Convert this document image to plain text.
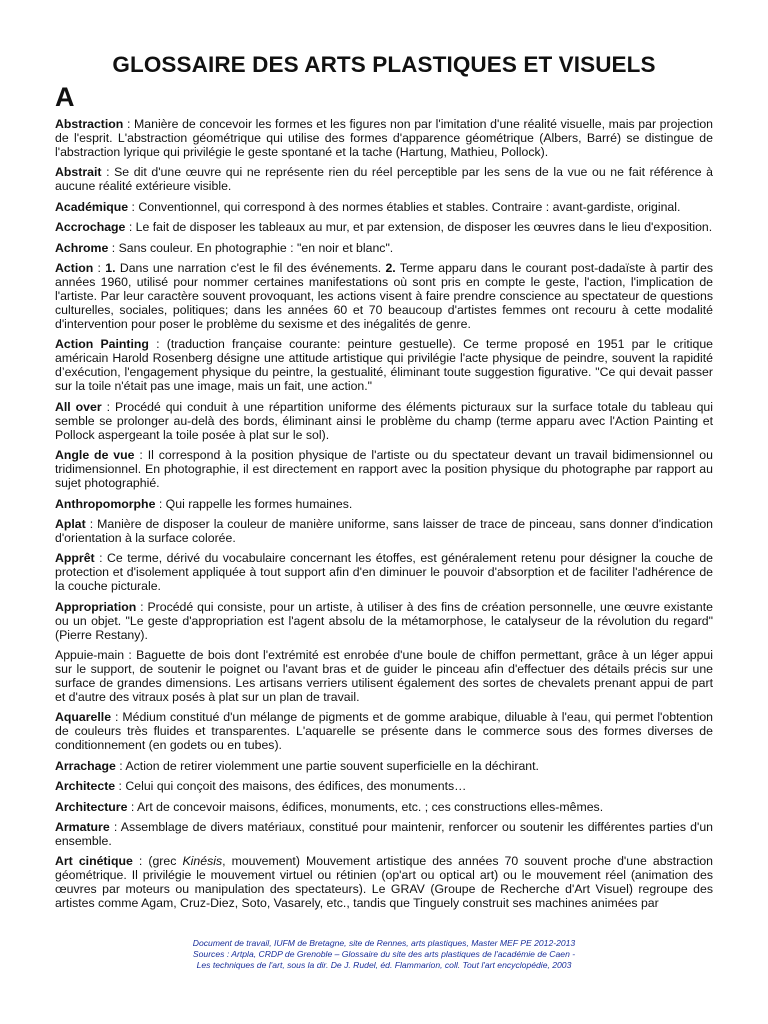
GLOSSAIRE DES ARTS PLASTIQUES ET VISUELS
A

Abstraction : Manière de concevoir les formes et les figures non par l'imitation d'une réalité visuelle, mais par projection de l'esprit. L'abstraction géométrique qui utilise des formes d'apparence géométrique (Albers, Barré) se distingue de l'abstraction lyrique qui privilégie le geste spontané et la tache (Hartung, Mathieu, Pollock).

Abstrait : Se dit d'une œuvre qui ne représente rien du réel perceptible par les sens de la vue ou ne fait référence à aucune réalité extérieure visible.

Académique : Conventionnel, qui correspond à des normes établies et stables. Contraire : avant-gardiste, original.

Accrochage : Le fait de disposer les tableaux au mur, et par extension, de disposer les œuvres dans le lieu d'exposition.

Achrome : Sans couleur. En photographie : "en noir et blanc".

Action : 1. Dans une narration c'est le fil des événements. 2. Terme apparu dans le courant post-dadaïste à partir des années 1960, utilisé pour nommer certaines manifestations où sont pris en compte le geste, l'action, l'implication de l'artiste. Par leur caractère souvent provoquant, les actions visent à faire prendre conscience au spectateur de questions culturelles, sociales, politiques; dans les années 60 et 70 beaucoup d'artistes femmes ont recouru à cette modalité d'intervention pour poser le problème du sexisme et des inégalités de genre.

Action Painting : (traduction française courante: peinture gestuelle). Ce terme proposé en 1951 par le critique américain Harold Rosenberg désigne une attitude artistique qui privilégie l'acte physique de peindre, souvent la rapidité d’exécution, l'engagement physique du peintre, la gestualité, éliminant toute suggestion figurative. "Ce qui devait passer sur la toile n'était pas une image, mais un fait, une action."

All over : Procédé qui conduit à une répartition uniforme des éléments picturaux sur la surface totale du tableau qui semble se prolonger au-delà des bords, éliminant ainsi le problème du champ (terme apparu avec l'Action Painting et Pollock aspergeant la toile posée à plat sur le sol).

Angle de vue : Il correspond à la position physique de l'artiste ou du spectateur devant un travail bidimensionnel ou tridimensionnel. En photographie, il est directement en rapport avec la position physique du photographe par rapport au sujet photographié.

Anthropomorphe : Qui rappelle les formes humaines.

Aplat : Manière de disposer la couleur de manière uniforme, sans laisser de trace de pinceau, sans donner d'indication d'orientation à la surface colorée.

Apprêt : Ce terme, dérivé du vocabulaire concernant les étoffes, est généralement retenu pour désigner la couche de protection et d'isolement appliquée à tout support afin d'en diminuer le pouvoir d'absorption et de faciliter l'adhérence de la couche picturale.

Appropriation : Procédé qui consiste, pour un artiste, à utiliser à des fins de création personnelle, une œuvre existante ou un objet. "Le geste d'appropriation est l'agent absolu de la métamorphose, le catalyseur de la révolution du regard" (Pierre Restany).

Appuie-main : Baguette de bois dont l'extrémité est enrobée d'une boule de chiffon permettant, grâce à un léger appui sur le support, de soutenir le poignet ou l'avant bras et de guider le pinceau afin d'effectuer des détails précis sur une surface de grandes dimensions. Les artisans verriers utilisent également des sortes de chevalets prenant appui de part et d'autre des vitraux posés à plat sur un plan de travail.

Aquarelle : Médium constitué d'un mélange de pigments et de gomme arabique, diluable à l'eau, qui permet l'obtention de couleurs très fluides et transparentes. L'aquarelle se présente dans le commerce sous des formes diverses de conditionnement (en godets ou en tubes).

Arrachage : Action de retirer violemment une partie souvent superficielle en la déchirant.

Architecte : Celui qui conçoit des maisons, des édifices, des monuments…

Architecture : Art de concevoir maisons, édifices, monuments, etc. ; ces constructions elles-mêmes.

Armature : Assemblage de divers matériaux, constitué pour maintenir, renforcer ou soutenir les différentes parties d'un ensemble.

Art cinétique : (grec Kinésis, mouvement) Mouvement artistique des années 70 souvent proche d'une abstraction géométrique. Il privilégie le mouvement virtuel ou rétinien (op'art ou optical art) ou le mouvement réel (animation des œuvres par moteurs ou manipulation des spectateurs). Le GRAV (Groupe de Recherche d'Art Visuel) regroupe des artistes comme Agam, Cruz-Diez, Soto, Vasarely, etc., tandis que Tinguely construit ses machines animées par

Document de travail, IUFM de Bretagne, site de Rennes, arts plastiques, Master MEF PE 2012-2013
Sources : Artpla, CRDP de Grenoble – Glossaire du site des arts plastiques de l'académie de Caen -
Les techniques de l'art, sous la dir. De J. Rudel, éd. Flammarion, coll. Tout l'art encyclopédie, 2003
